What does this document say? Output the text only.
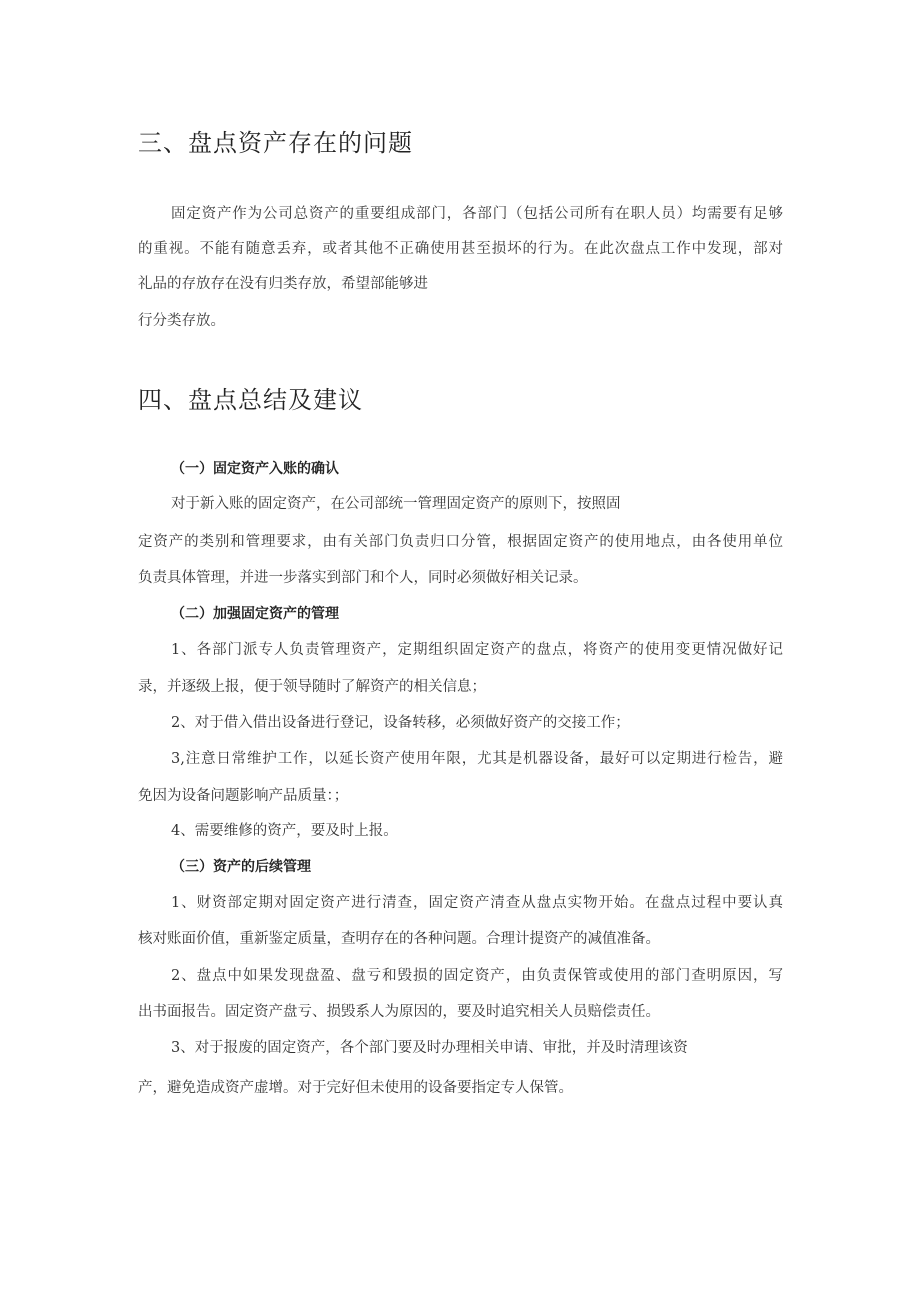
三、盘点资产存在的问题
固定资产作为公司总资产的重要组成部门，各部门（包括公司所有在职人员）均需要有足够
的重视。不能有随意丢弃，或者其他不正确使用甚至损坏的行为。在此次盘点工作中发现，部对
礼品的存放存在没有归类存放，希望部能够进
行分类存放。
四、盘点总结及建议
（一）固定资产入账的确认
对于新入账的固定资产，在公司部统一管理固定资产的原则下，按照固
定资产的类别和管理要求，由有关部门负责归口分管，根据固定资产的使用地点，由各使用单位
负责具体管理，并进一步落实到部门和个人，同时必须做好相关记录。
（二）加强固定资产的管理
1、各部门派专人负责管理资产，定期组织固定资产的盘点，将资产的使用变更情况做好记
录，并逐级上报，便于领导随时了解资产的相关信息；
2、对于借入借出设备进行登记，设备转移，必须做好资产的交接工作；
3,注意日常维护工作，以延长资产使用年限，尤其是机器设备，最好可以定期进行检告，避
免因为设备问题影响产品质量：；
4、需要维修的资产，要及时上报。
（三）资产的后续管理
1、财资部定期对固定资产进行清查，固定资产清查从盘点实物开始。在盘点过程中要认真
核对账面价值，重新鉴定质量，查明存在的各种问题。合理计提资产的减值准备。
2、盘点中如果发现盘盈、盘亏和毁损的固定资产，由负责保管或使用的部门查明原因，写
出书面报告。固定资产盘亏、损毁系人为原因的，要及时追究相关人员赔偿责任。
3、对于报废的固定资产，各个部门要及时办理相关申请、审批，并及时清理该资
产，避免造成资产虚增。对于完好但未使用的设备要指定专人保管。
